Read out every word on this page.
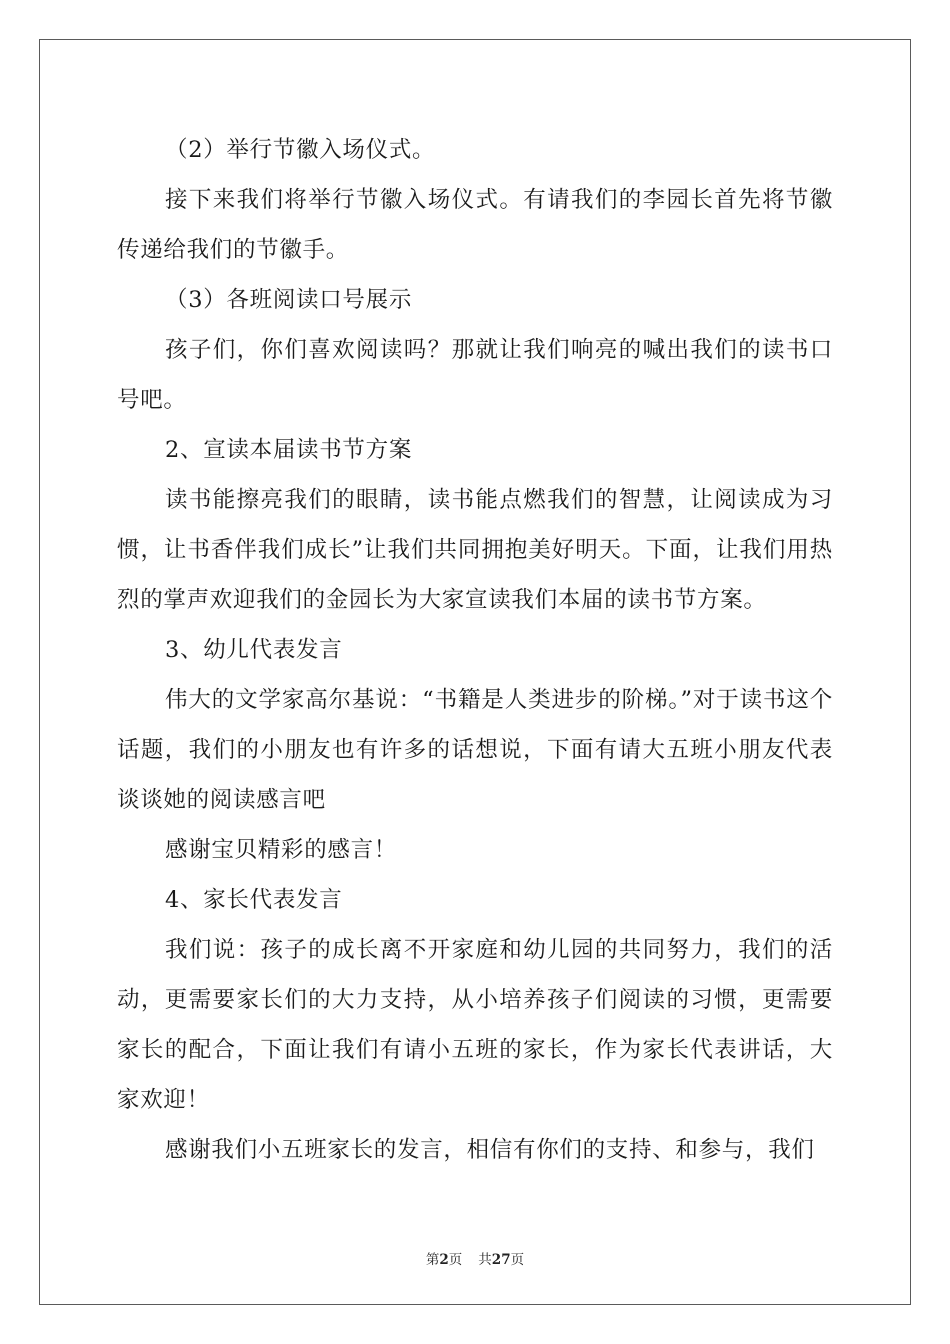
（2）举行节徽入场仪式。

接下来我们将举行节徽入场仪式。有请我们的李园长首先将节徽传递给我们的节徽手。

（3）各班阅读口号展示

孩子们，你们喜欢阅读吗？那就让我们响亮的喊出我们的读书口号吧。

2、宣读本届读书节方案

读书能擦亮我们的眼睛，读书能点燃我们的智慧，让阅读成为习惯，让书香伴我们成长”让我们共同拥抱美好明天。下面，让我们用热烈的掌声欢迎我们的金园长为大家宣读我们本届的读书节方案。

3、幼儿代表发言

伟大的文学家高尔基说：“书籍是人类进步的阶梯。”对于读书这个话题，我们的小朋友也有许多的话想说，下面有请大五班小朋友代表谈谈她的阅读感言吧

感谢宝贝精彩的感言！

4、家长代表发言

我们说：孩子的成长离不开家庭和幼儿园的共同努力，我们的活动，更需要家长们的大力支持，从小培养孩子们阅读的习惯，更需要家长的配合，下面让我们有请小五班的家长，作为家长代表讲话，大家欢迎！

感谢我们小五班家长的发言，相信有你们的支持、和参与，我们

第2页 共27页
